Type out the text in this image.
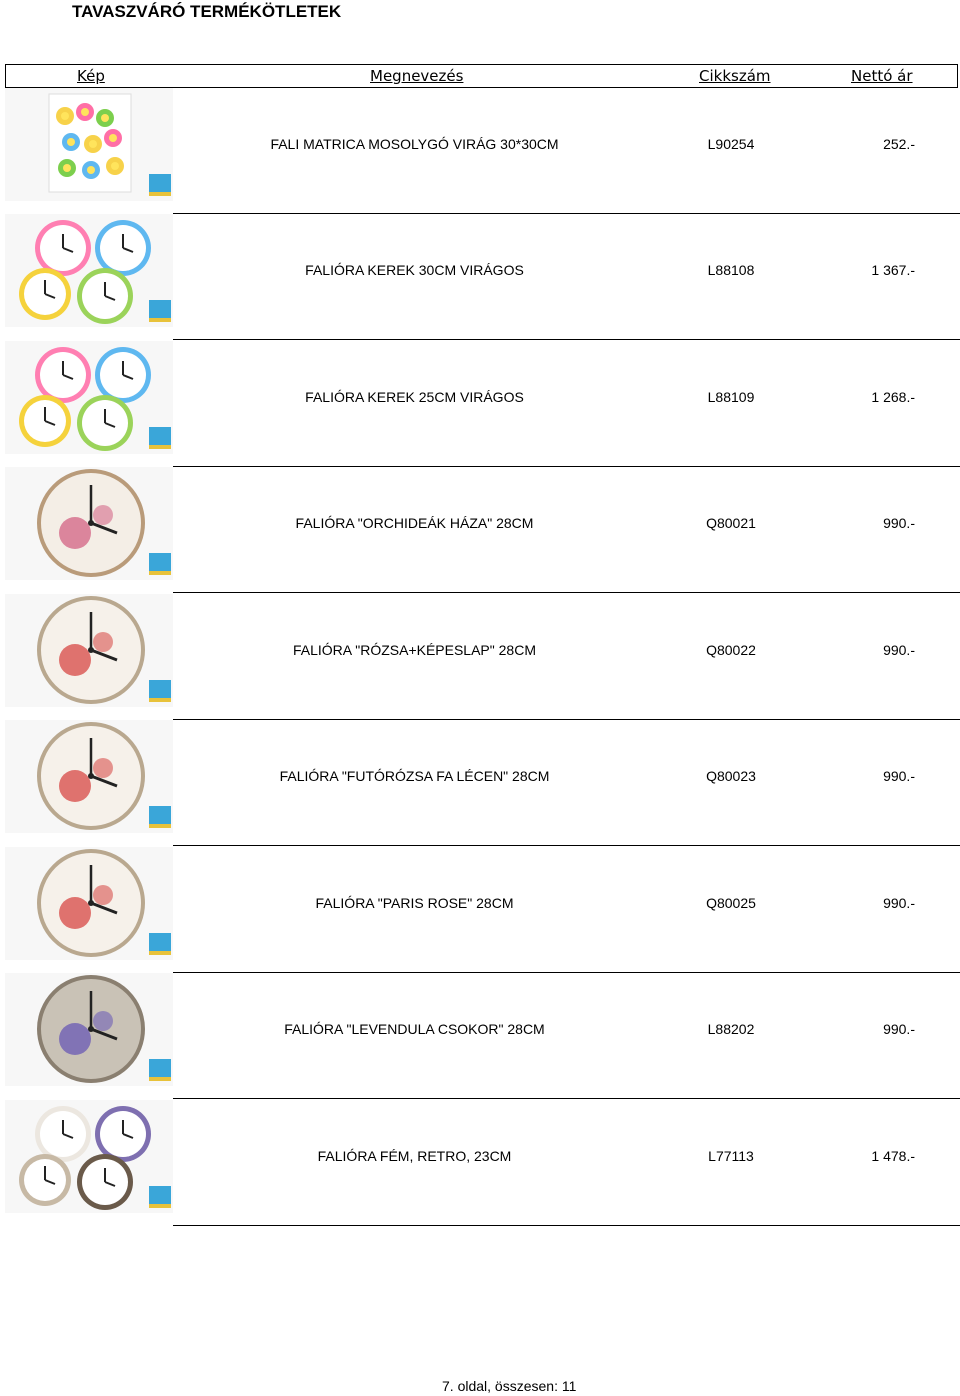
TAVASZVÁRÓ TERMÉKÖTLETEK
Kép	Megnevezés	Cikkszám	Nettó ár
FALI MATRICA MOSOLYGÓ VIRÁG 30*30CM	L90254	252.-
FALIÓRA KEREK 30CM VIRÁGOS	L88108	1 367.-
FALIÓRA KEREK 25CM VIRÁGOS	L88109	1 268.-
FALIÓRA "ORCHIDEÁK HÁZA" 28CM	Q80021	990.-
FALIÓRA "RÓZSA+KÉPESLAP" 28CM	Q80022	990.-
FALIÓRA "FUTÓRÓZSA FA LÉCEN" 28CM	Q80023	990.-
FALIÓRA "PARIS ROSE" 28CM	Q80025	990.-
FALIÓRA "LEVENDULA CSOKOR" 28CM	L88202	990.-
FALIÓRA FÉM, RETRO, 23CM	L77113	1 478.-
7. oldal, összesen: 11
